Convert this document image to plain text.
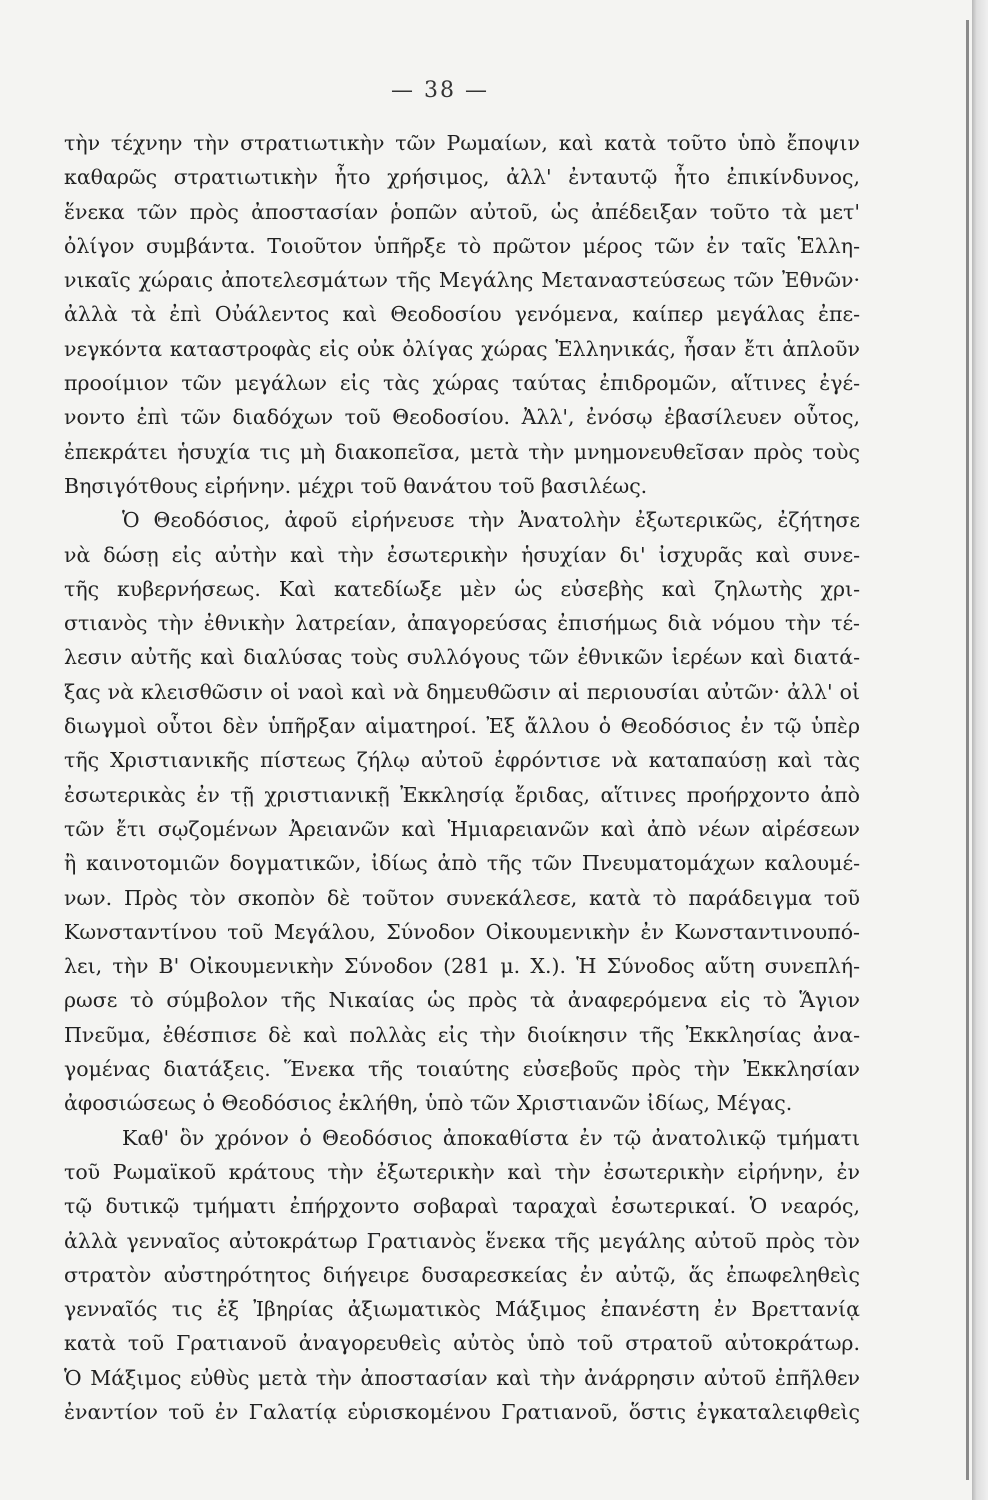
— 38 —
τὴν τέχνην τὴν στρατιωτικὴν τῶν Ρωμαίων, καὶ κατὰ τοῦτο ὑπὸ ἔποψιν
καθαρῶς στρατιωτικὴν ἦτο χρήσιμος, ἀλλ' ἐνταυτῷ ἦτο ἐπικίνδυνος,
ἕνεκα τῶν πρὸς ἀποστασίαν ῥοπῶν αὐτοῦ, ὡς ἀπέδειξαν τοῦτο τὰ μετ'
ὀλίγον συμβάντα. Τοιοῦτον ὑπῆρξε τὸ πρῶτον μέρος τῶν ἐν ταῖς Ἑλλη-
νικαῖς χώραις ἀποτελεσμάτων τῆς Μεγάλης Μεταναστεύσεως τῶν Ἐθνῶν·
ἀλλὰ τὰ ἐπὶ Οὐάλεντος καὶ Θεοδοσίου γενόμενα, καίπερ μεγάλας ἐπε-
νεγκόντα καταστροφὰς εἰς οὐκ ὀλίγας χώρας Ἑλληνικάς, ἦσαν ἔτι ἁπλοῦν
προοίμιον τῶν μεγάλων εἰς τὰς χώρας ταύτας ἐπιδρομῶν, αἵτινες ἐγέ-
νοντο ἐπὶ τῶν διαδόχων τοῦ Θεοδοσίου. Ἀλλ', ἐνόσῳ ἐβασίλευεν οὗτος,
ἐπεκράτει ἡσυχία τις μὴ διακοπεῖσα, μετὰ τὴν μνημονευθεῖσαν πρὸς τοὺς
Βησιγότθους εἰρήνην. μέχρι τοῦ θανάτου τοῦ βασιλέως.
Ὁ Θεοδόσιος, ἀφοῦ εἰρήνευσε τὴν Ἀνατολὴν ἐξωτερικῶς, ἐζήτησε
νὰ δώσῃ εἰς αὐτὴν καὶ τὴν ἐσωτερικὴν ἡσυχίαν δι' ἰσχυρᾶς καὶ συνε-
τῆς κυβερνήσεως. Καὶ κατεδίωξε μὲν ὡς εὐσεβὴς καὶ ζηλωτὴς χρι-
στιανὸς τὴν ἐθνικὴν λατρείαν, ἀπαγορεύσας ἐπισήμως διὰ νόμου τὴν τέ-
λεσιν αὐτῆς καὶ διαλύσας τοὺς συλλόγους τῶν ἐθνικῶν ἱερέων καὶ διατά-
ξας νὰ κλεισθῶσιν οἱ ναοὶ καὶ νὰ δημευθῶσιν αἱ περιουσίαι αὐτῶν· ἀλλ' οἱ
διωγμοὶ οὗτοι δὲν ὑπῆρξαν αἱματηροί. Ἐξ ἄλλου ὁ Θεοδόσιος ἐν τῷ ὑπὲρ
τῆς Χριστιανικῆς πίστεως ζήλῳ αὐτοῦ ἐφρόντισε νὰ καταπαύσῃ καὶ τὰς
ἐσωτερικὰς ἐν τῇ χριστιανικῇ Ἐκκλησίᾳ ἔριδας, αἵτινες προήρχοντο ἀπὸ
τῶν ἔτι σῳζομένων Ἀρειανῶν καὶ Ἡμιαρειανῶν καὶ ἀπὸ νέων αἱρέσεων
ἢ καινοτομιῶν δογματικῶν, ἰδίως ἀπὸ τῆς τῶν Πνευματομάχων καλουμέ-
νων. Πρὸς τὸν σκοπὸν δὲ τοῦτον συνεκάλεσε, κατὰ τὸ παράδειγμα τοῦ
Κωνσταντίνου τοῦ Μεγάλου, Σύνοδον Οἰκουμενικὴν ἐν Κωνσταντινουπό-
λει, τὴν Β' Οἰκουμενικὴν Σύνοδον (281 μ. Χ.). Ἡ Σύνοδος αὕτη συνεπλή-
ρωσε τὸ σύμβολον τῆς Νικαίας ὡς πρὸς τὰ ἀναφερόμενα εἰς τὸ Ἅγιον
Πνεῦμα, ἐθέσπισε δὲ καὶ πολλὰς εἰς τὴν διοίκησιν τῆς Ἐκκλησίας ἀνα-
γομένας διατάξεις. Ἕνεκα τῆς τοιαύτης εὐσεβοῦς πρὸς τὴν Ἐκκλησίαν
ἀφοσιώσεως ὁ Θεοδόσιος ἐκλήθη, ὑπὸ τῶν Χριστιανῶν ἰδίως, Μέγας.
Καθ' ὃν χρόνον ὁ Θεοδόσιος ἀποκαθίστα ἐν τῷ ἀνατολικῷ τμήματι
τοῦ Ρωμαϊκοῦ κράτους τὴν ἐξωτερικὴν καὶ τὴν ἐσωτερικὴν εἰρήνην, ἐν
τῷ δυτικῷ τμήματι ἐπήρχοντο σοβαραὶ ταραχαὶ ἐσωτερικαί. Ὁ νεαρός,
ἀλλὰ γενναῖος αὐτοκράτωρ Γρατιανὸς ἕνεκα τῆς μεγάλης αὐτοῦ πρὸς τὸν
στρατὸν αὐστηρότητος διήγειρε δυσαρεσκείας ἐν αὐτῷ, ἅς ἐπωφεληθεὶς
γενναῖός τις ἐξ Ἰβηρίας ἀξιωματικὸς Μάξιμος ἐπανέστη ἐν Βρεττανίᾳ
κατὰ τοῦ Γρατιανοῦ ἀναγορευθεὶς αὐτὸς ὑπὸ τοῦ στρατοῦ αὐτοκράτωρ.
Ὁ Μάξιμος εὐθὺς μετὰ τὴν ἀποστασίαν καὶ τὴν ἀνάρρησιν αὐτοῦ ἐπῆλθεν
ἐναντίον τοῦ ἐν Γαλατίᾳ εὑρισκομένου Γρατιανοῦ, ὅστις ἐγκαταλειφθεὶς
